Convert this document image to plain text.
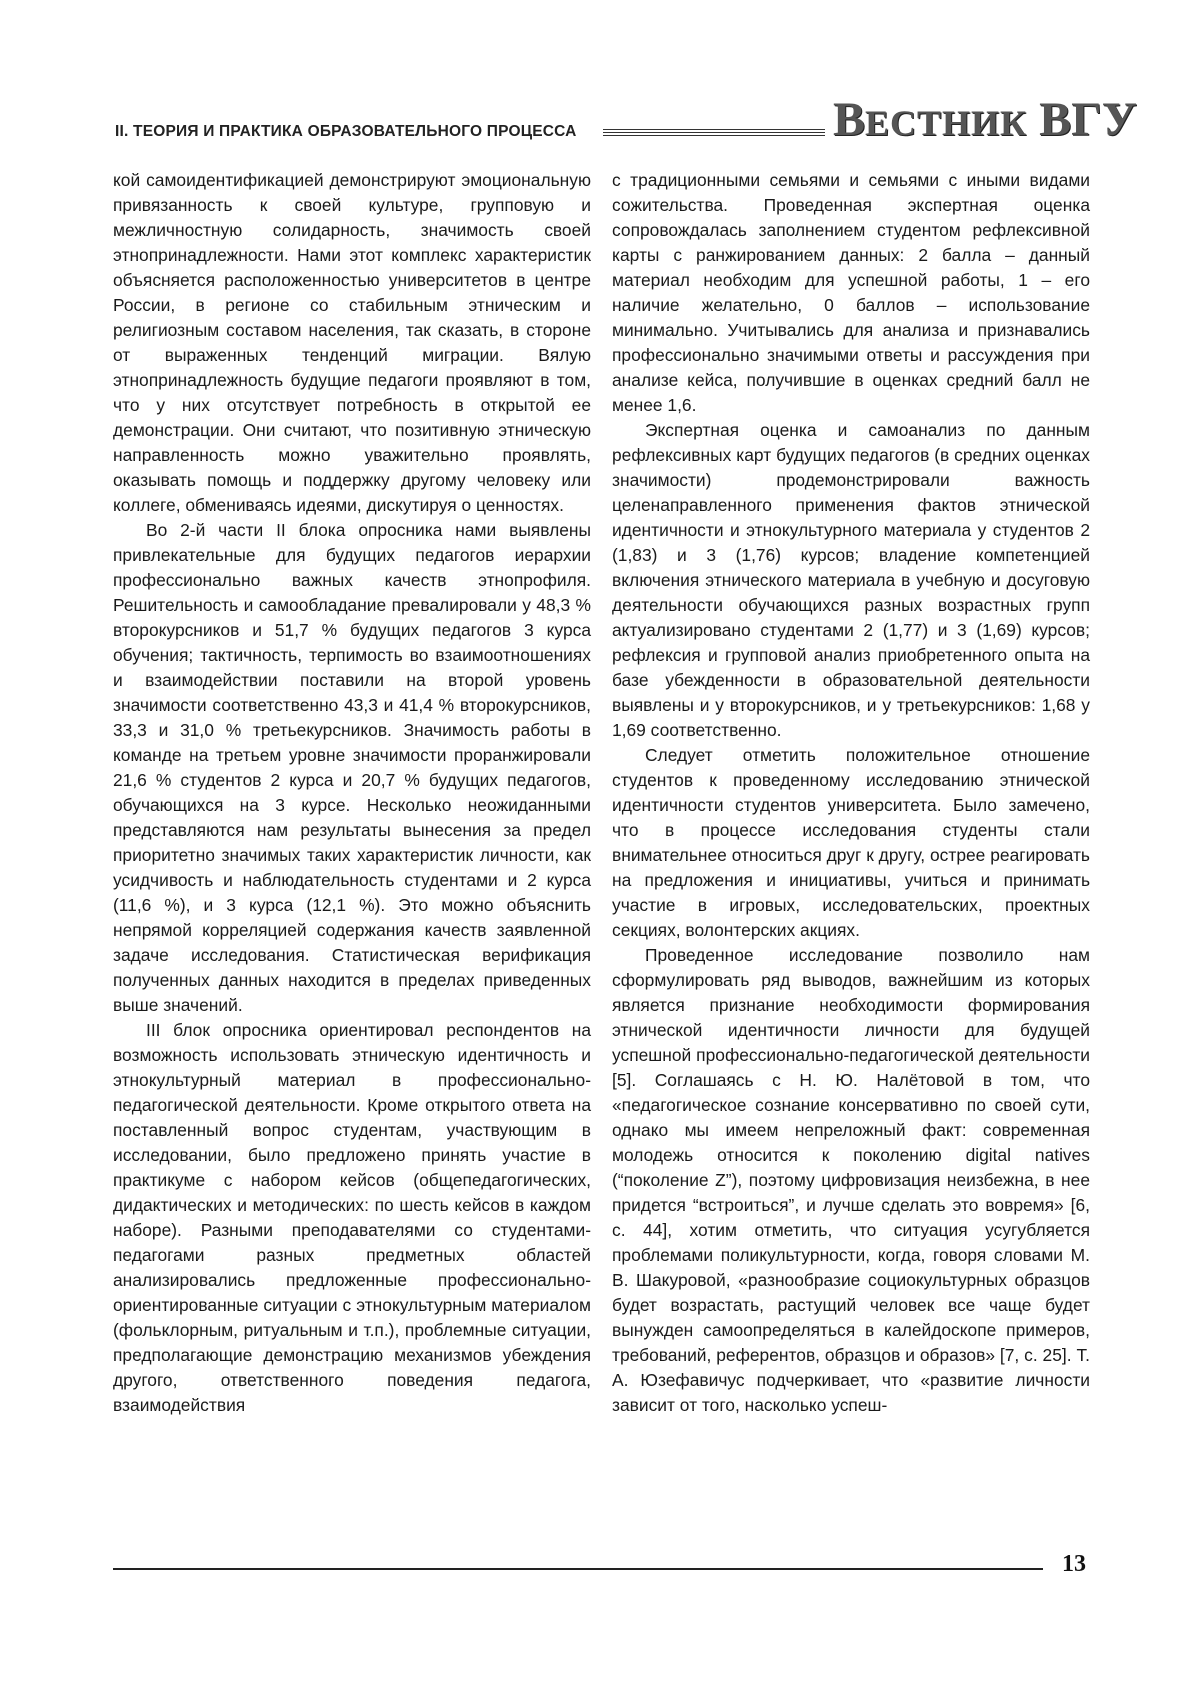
II. ТЕОРИЯ И ПРАКТИКА ОБРАЗОВАТЕЛЬНОГО ПРОЦЕССА	ВЕСТНИК ВГУ

кой самоидентификацией демонстрируют эмоциональную привязанность к своей культуре, групповую и межличностную солидарность, значимость своей этнопринадлежности. Нами этот комплекс характеристик объясняется расположенностью университетов в центре России, в регионе со стабильным этническим и религиозным составом населения, так сказать, в стороне от выраженных тенденций миграции. Вялую этнопринадлежность будущие педагоги проявляют в том, что у них отсутствует потребность в открытой ее демонстрации. Они считают, что позитивную этническую направленность можно уважительно проявлять, оказывать помощь и поддержку другому человеку или коллеге, обмениваясь идеями, дискутируя о ценностях.

Во 2-й части II блока опросника нами выявлены привлекательные для будущих педагогов иерархии профессионально важных качеств этнопрофиля. Решительность и самообладание превалировали у 48,3 % второкурсников и 51,7 % будущих педагогов 3 курса обучения; тактичность, терпимость во взаимоотношениях и взаимодействии поставили на второй уровень значимости соответственно 43,3 и 41,4 % второкурсников, 33,3 и 31,0 % третьекурсников. Значимость работы в команде на третьем уровне значимости проранжировали 21,6 % студентов 2 курса и 20,7 % будущих педагогов, обучающихся на 3 курсе. Несколько неожиданными представляются нам результаты вынесения за предел приоритетно значимых таких характеристик личности, как усидчивость и наблюдательность студентами и 2 курса (11,6 %), и 3 курса (12,1 %). Это можно объяснить непрямой корреляцией содержания качеств заявленной задаче исследования. Статистическая верификация полученных данных находится в пределах приведенных выше значений.

III блок опросника ориентировал респондентов на возможность использовать этническую идентичность и этнокультурный материал в профессионально-педагогической деятельности. Кроме открытого ответа на поставленный вопрос студентам, участвующим в исследовании, было предложено принять участие в практикуме с набором кейсов (общепедагогических, дидактических и методических: по шесть кейсов в каждом наборе). Разными преподавателями со студентами-педагогами разных предметных областей анализировались предложенные профессионально-ориентированные ситуации с этнокультурным материалом (фольклорным, ритуальным и т.п.), проблемные ситуации, предполагающие демонстрацию механизмов убеждения другого, ответственного поведения педагога, взаимодействия

с традиционными семьями и семьями с иными видами сожительства. Проведенная экспертная оценка сопровождалась заполнением студентом рефлексивной карты с ранжированием данных: 2 балла – данный материал необходим для успешной работы, 1 – его наличие желательно, 0 баллов – использование минимально. Учитывались для анализа и признавались профессионально значимыми ответы и рассуждения при анализе кейса, получившие в оценках средний балл не менее 1,6.

Экспертная оценка и самоанализ по данным рефлексивных карт будущих педагогов (в средних оценках значимости) продемонстрировали важность целенаправленного применения фактов этнической идентичности и этнокультурного материала у студентов 2 (1,83) и 3 (1,76) курсов; владение компетенцией включения этнического материала в учебную и досуговую деятельности обучающихся разных возрастных групп актуализировано студентами 2 (1,77) и 3 (1,69) курсов; рефлексия и групповой анализ приобретенного опыта на базе убежденности в образовательной деятельности выявлены и у второкурсников, и у третьекурсников: 1,68 у 1,69 соответственно.

Следует отметить положительное отношение студентов к проведенному исследованию этнической идентичности студентов университета. Было замечено, что в процессе исследования студенты стали внимательнее относиться друг к другу, острее реагировать на предложения и инициативы, учиться и принимать участие в игровых, исследовательских, проектных секциях, волонтерских акциях.

Проведенное исследование позволило нам сформулировать ряд выводов, важнейшим из которых является признание необходимости формирования этнической идентичности личности для будущей успешной профессионально-педагогической деятельности [5]. Соглашаясь с Н. Ю. Налётовой в том, что «педагогическое сознание консервативно по своей сути, однако мы имеем непреложный факт: современная молодежь относится к поколению digital natives (“поколение Z”), поэтому цифровизация неизбежна, в нее придется “встроиться”, и лучше сделать это вовремя» [6, с. 44], хотим отметить, что ситуация усугубляется проблемами поликультурности, когда, говоря словами М. В. Шакуровой, «разнообразие социокультурных образцов будет возрастать, растущий человек все чаще будет вынужден самоопределяться в калейдоскопе примеров, требований, референтов, образцов и образов» [7, с. 25]. Т. А. Юзефавичус подчеркивает, что «развитие личности зависит от того, насколько успеш-

13
